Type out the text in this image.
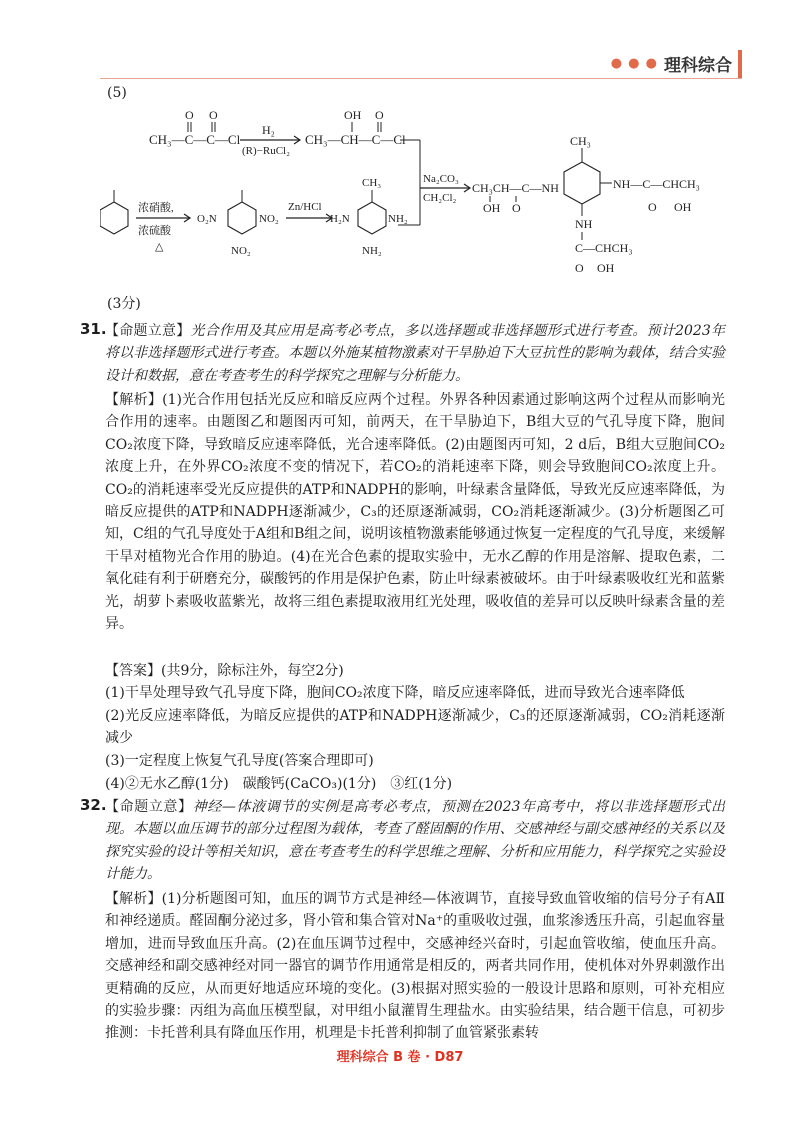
● ● ● 理科综合
(5)
CH₃—C—C—Cl
O O
H₂
(R)−RuCl₂
CH₃—CH—C—Cl
OH O
Na₂CO₃
CH₂Cl₂
CH₃CH—C—NH
OH O
CH₃
NH—C—CHCH₃
O OH
NH
C—CHCH₃
O OH
浓硝酸,
浓硫酸
△
O₂N	NO₂
NO₂
Zn/HCl
CH₃
H₂N	NH₂
NH₂
(3分)
31.

【命题立意】光合作用及其应用是高考必考点，多以选择题或非选择题形式进行考查。预计2023年将以非选择题形式进行考查。本题以外施某植物激素对干旱胁迫下大豆抗性的影响为载体，结合实验设计和数据，意在考查考生的科学探究之理解与分析能力。

【解析】(1)光合作用包括光反应和暗反应两个过程。外界各种因素通过影响这两个过程从而影响光合作用的速率。由题图乙和题图丙可知，前两天，在干旱胁迫下，B组大豆的气孔导度下降，胞间CO₂浓度下降，导致暗反应速率降低，光合速率降低。(2)由题图丙可知，2 d后，B组大豆胞间CO₂浓度上升，在外界CO₂浓度不变的情况下，若CO₂的消耗速率下降，则会导致胞间CO₂浓度上升。CO₂的消耗速率受光反应提供的ATP和NADPH的影响，叶绿素含量降低，导致光反应速率降低，为暗反应提供的ATP和NADPH逐渐减少，C₃的还原逐渐减弱，CO₂消耗逐渐减少。(3)分析题图乙可知，C组的气孔导度处于A组和B组之间，说明该植物激素能够通过恢复一定程度的气孔导度，来缓解干旱对植物光合作用的胁迫。(4)在光合色素的提取实验中，无水乙醇的作用是溶解、提取色素，二氧化硅有利于研磨充分，碳酸钙的作用是保护色素，防止叶绿素被破坏。由于叶绿素吸收红光和蓝紫光，胡萝卜素吸收蓝紫光，故将三组色素提取液用红光处理，吸收值的差异可以反映叶绿素含量的差异。

【答案】(共9分，除标注外，每空2分)

(1)干旱处理导致气孔导度下降，胞间CO₂浓度下降，暗反应速率降低，进而导致光合速率降低

(2)光反应速率降低，为暗反应提供的ATP和NADPH逐渐减少，C₃的还原逐渐减弱，CO₂消耗逐渐减少

(3)一定程度上恢复气孔导度(答案合理即可)

(4)②无水乙醇(1分)　碳酸钙(CaCO₃)(1分)　③红(1分)

32.

【命题立意】神经—体液调节的实例是高考必考点，预测在2023年高考中，将以非选择题形式出现。本题以血压调节的部分过程图为载体，考查了醛固酮的作用、交感神经与副交感神经的关系以及探究实验的设计等相关知识，意在考查考生的科学思维之理解、分析和应用能力，科学探究之实验设计能力。

【解析】(1)分析题图可知，血压的调节方式是神经—体液调节，直接导致血管收缩的信号分子有AⅡ和神经递质。醛固酮分泌过多，肾小管和集合管对Na⁺的重吸收过强，血浆渗透压升高，引起血容量增加，进而导致血压升高。(2)在血压调节过程中，交感神经兴奋时，引起血管收缩，使血压升高。交感神经和副交感神经对同一器官的调节作用通常是相反的，两者共同作用，使机体对外界刺激作出更精确的反应，从而更好地适应环境的变化。(3)根据对照实验的一般设计思路和原则，可补充相应的实验步骤：丙组为高血压模型鼠，对甲组小鼠灌胃生理盐水。由实验结果，结合题干信息，可初步推测：卡托普利具有降血压作用，机理是卡托普利抑制了血管紧张素转

理科综合 B 卷 · D87
